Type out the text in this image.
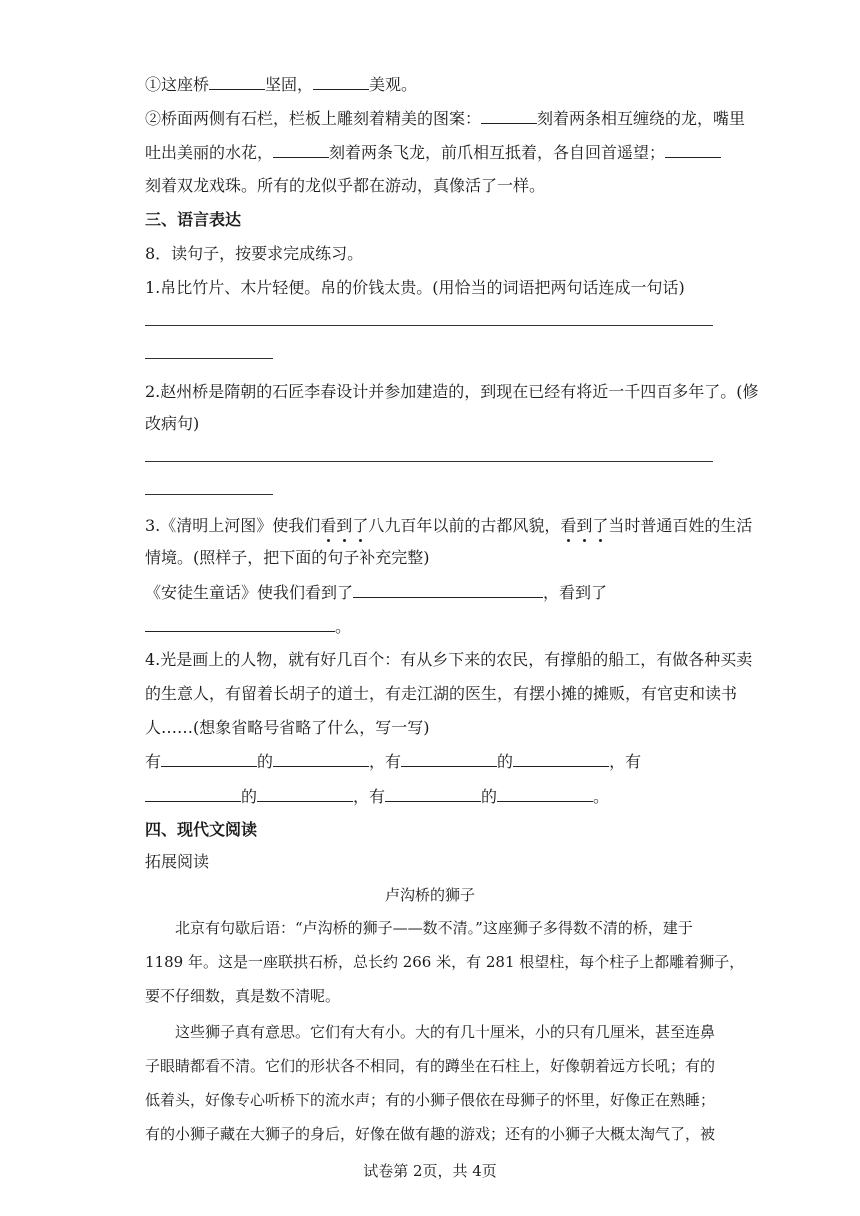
①这座桥	坚固，	美观。
②桥面两侧有石栏，栏板上雕刻着精美的图案：	刻着两条相互缠绕的龙，嘴里
吐出美丽的水花，	刻着两条飞龙，前爪相互抵着，各自回首遥望；
刻着双龙戏珠。所有的龙似乎都在游动，真像活了一样。
三、语言表达
8．读句子，按要求完成练习。
1.帛比竹片、木片轻便。帛的价钱太贵。(用恰当的词语把两句话连成一句话)
2.赵州桥是隋朝的石匠李春设计并参加建造的，到现在已经有将近一千四百多年了。(修
改病句)
3.《清明上河图》使我们看到了八九百年以前的古都风貌，看到了当时普通百姓的生活
情境。(照样子，把下面的句子补充完整)
《安徒生童话》使我们看到了	，看到了
。
4.光是画上的人物，就有好几百个：有从乡下来的农民，有撑船的船工，有做各种买卖
的生意人，有留着长胡子的道士，有走江湖的医生，有摆小摊的摊贩，有官吏和读书
人……(想象省略号省略了什么，写一写)
有	的	，有	的	，有
的	，有	的	。
四、现代文阅读
拓展阅读
卢沟桥的狮子
北京有句歇后语：“卢沟桥的狮子——数不清。”这座狮子多得数不清的桥，建于
1189 年。这是一座联拱石桥，总长约 266 米，有 281 根望柱，每个柱子上都雕着狮子，
要不仔细数，真是数不清呢。
这些狮子真有意思。它们有大有小。大的有几十厘米，小的只有几厘米，甚至连鼻
子眼睛都看不清。它们的形状各不相同，有的蹲坐在石柱上，好像朝着远方长吼；有的
低着头，好像专心听桥下的流水声；有的小狮子偎依在母狮子的怀里，好像正在熟睡；
有的小狮子藏在大狮子的身后，好像在做有趣的游戏；还有的小狮子大概太淘气了，被
试卷第 2页，共 4页
